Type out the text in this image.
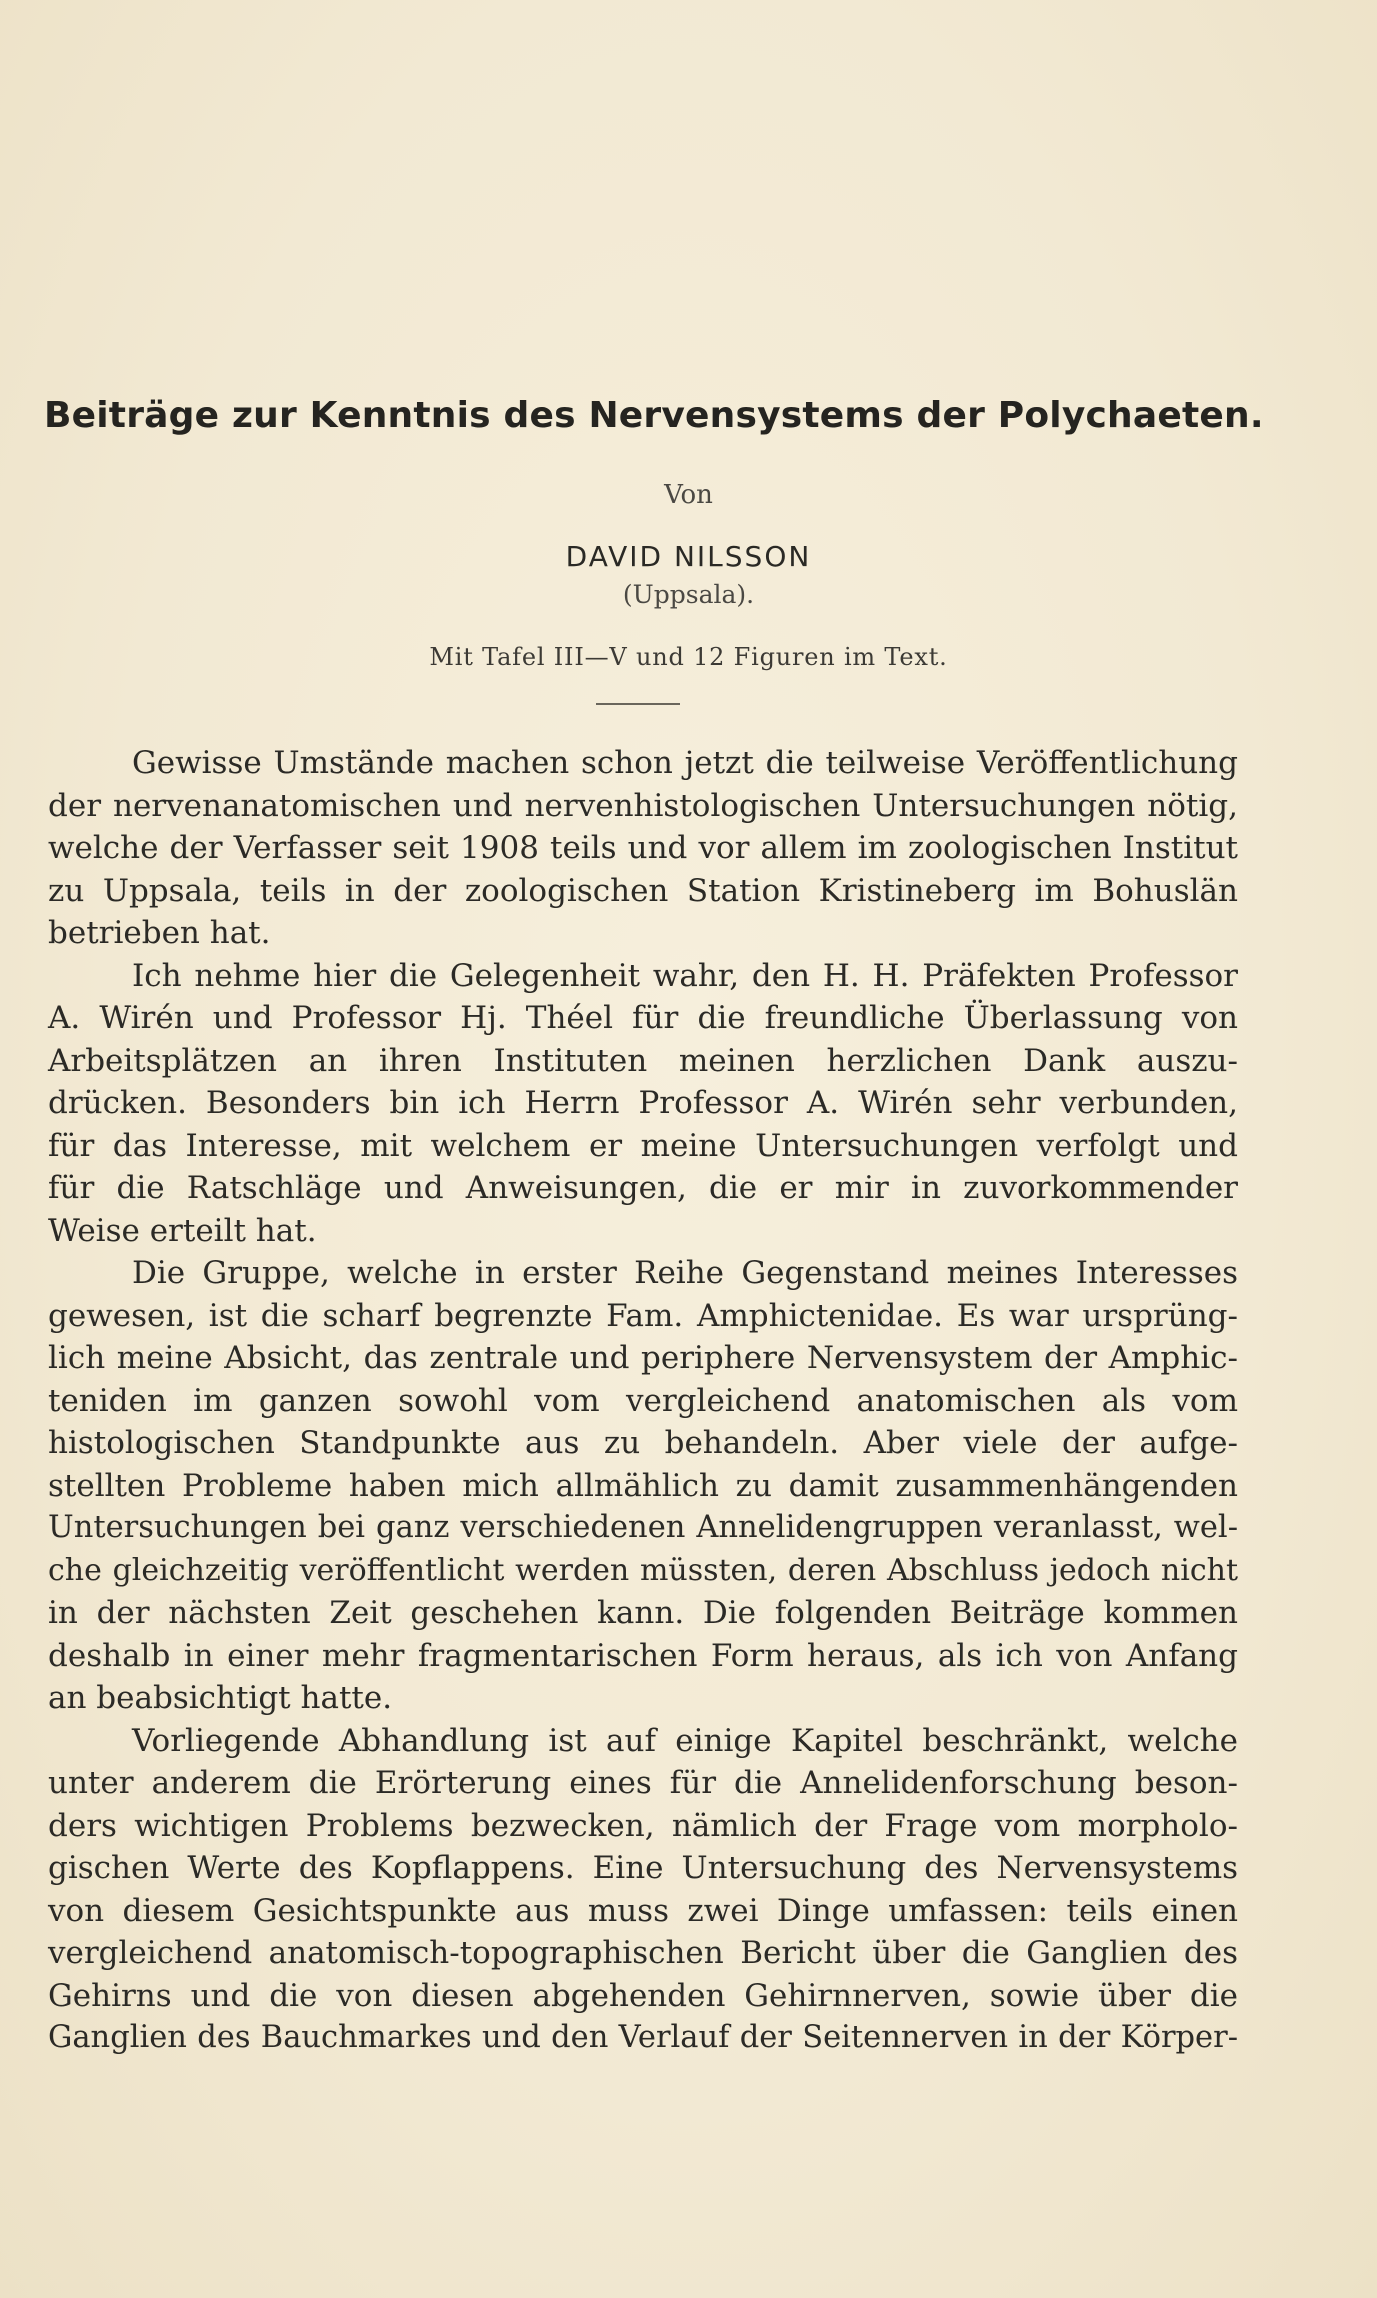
Beiträge zur Kenntnis des Nervensystems der Polychaeten.
Von
DAVID NILSSON
(Uppsala).
Mit Tafel III—V und 12 Figuren im Text.
Gewisse Umstände machen schon jetzt die teilweise Veröffentlichung
der nervenanatomischen und nervenhistologischen Untersuchungen nötig,
welche der Verfasser seit 1908 teils und vor allem im zoologischen Institut
zu Uppsala, teils in der zoologischen Station Kristineberg im Bohuslän
betrieben hat.
Ich nehme hier die Gelegenheit wahr, den H. H. Präfekten Professor
A. Wirén und Professor Hj. Théel für die freundliche Überlassung von
Arbeitsplätzen an ihren Instituten meinen herzlichen Dank auszu-
drücken. Besonders bin ich Herrn Professor A. Wirén sehr verbunden,
für das Interesse, mit welchem er meine Untersuchungen verfolgt und
für die Ratschläge und Anweisungen, die er mir in zuvorkommender
Weise erteilt hat.
Die Gruppe, welche in erster Reihe Gegenstand meines Interesses
gewesen, ist die scharf begrenzte Fam. Amphictenidae. Es war ursprüng-
lich meine Absicht, das zentrale und periphere Nervensystem der Amphic-
teniden im ganzen sowohl vom vergleichend anatomischen als vom
histologischen Standpunkte aus zu behandeln. Aber viele der aufge-
stellten Probleme haben mich allmählich zu damit zusammenhängenden
Untersuchungen bei ganz verschiedenen Annelidengruppen veranlasst, wel-
che gleichzeitig veröffentlicht werden müssten, deren Abschluss jedoch nicht
in der nächsten Zeit geschehen kann. Die folgenden Beiträge kommen
deshalb in einer mehr fragmentarischen Form heraus, als ich von Anfang
an beabsichtigt hatte.
Vorliegende Abhandlung ist auf einige Kapitel beschränkt, welche
unter anderem die Erörterung eines für die Annelidenforschung beson-
ders wichtigen Problems bezwecken, nämlich der Frage vom morpholo-
gischen Werte des Kopflappens. Eine Untersuchung des Nervensystems
von diesem Gesichtspunkte aus muss zwei Dinge umfassen: teils einen
vergleichend anatomisch-topographischen Bericht über die Ganglien des
Gehirns und die von diesen abgehenden Gehirnnerven, sowie über die
Ganglien des Bauchmarkes und den Verlauf der Seitennerven in der Körper-
